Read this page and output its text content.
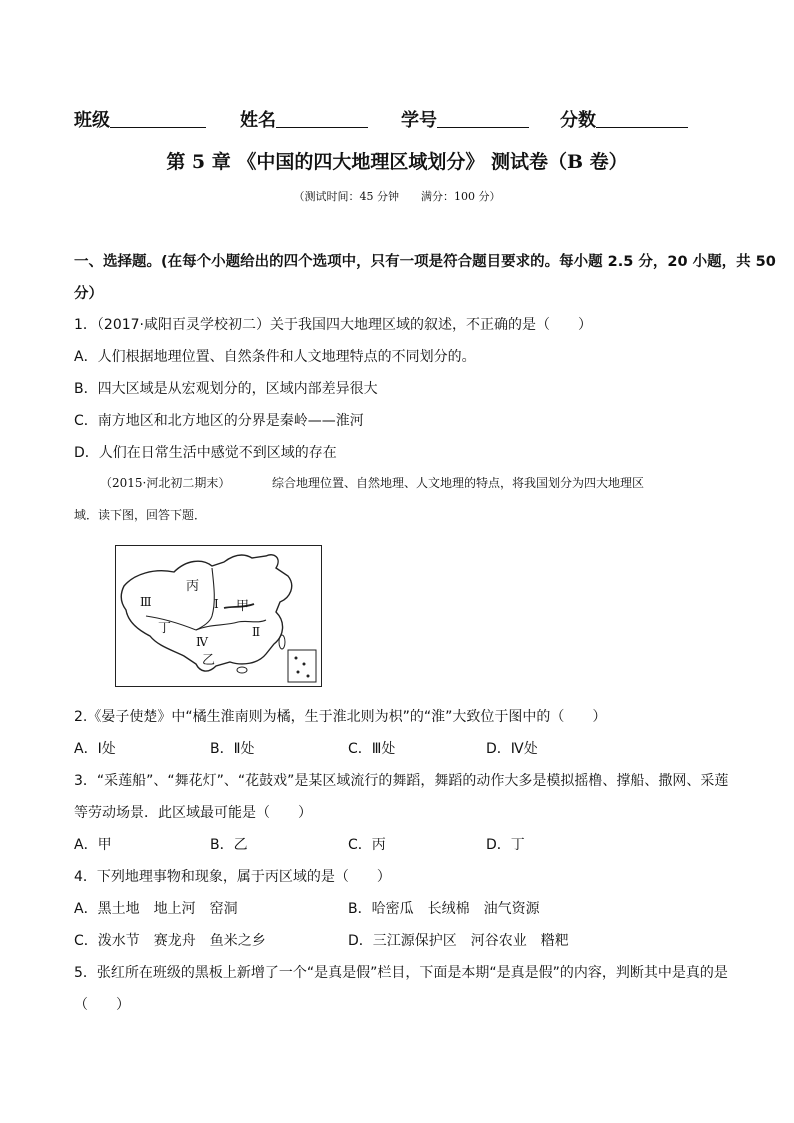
班级	姓名	学号	分数
第 5 章 《中国的四大地理区域划分》 测试卷（B 卷）
（测试时间：45 分钟　　满分：100 分）
一、选择题。(在每个小题给出的四个选项中，只有一项是符合题目要求的。每小题 2.5 分，20 小题，共 50
分）
1．（2017·咸阳百灵学校初二）关于我国四大地理区域的叙述，不正确的是（　　）
A．人们根据地理位置、自然条件和人文地理特点的不同划分的。
B．四大区域是从宏观划分的，区域内部差异很大
C．南方地区和北方地区的分界是秦岭——淮河
D．人们在日常生活中感觉不到区域的存在
（2015·河北初二期末）	综合地理位置、自然地理、人文地理的特点，将我国划分为四大地理区
域．读下图，回答下题．
丙
甲
丁
乙
Ⅲ	Ⅰ
Ⅱ
Ⅳ
2.《晏子使楚》中“橘生淮南则为橘，生于淮北则为枳”的“淮”大致位于图中的（　　）
A．Ⅰ处	B．Ⅱ处	C．Ⅲ处	D．Ⅳ处
3．“采莲船”、“舞花灯”、“花鼓戏”是某区域流行的舞蹈，舞蹈的动作大多是模拟摇橹、撑船、撒网、采莲
等劳动场景．此区域最可能是（　　）
A．甲	B．乙	C．丙	D．丁
4．下列地理事物和现象，属于丙区域的是（　　）
A．黑土地　地上河　窑洞	B．哈密瓜　长绒棉　油气资源
C．泼水节　赛龙舟　鱼米之乡	D．三江源保护区　河谷农业　糌粑
5．张红所在班级的黑板上新增了一个“是真是假”栏目，下面是本期“是真是假”的内容，判断其中是真的是
（　　）
